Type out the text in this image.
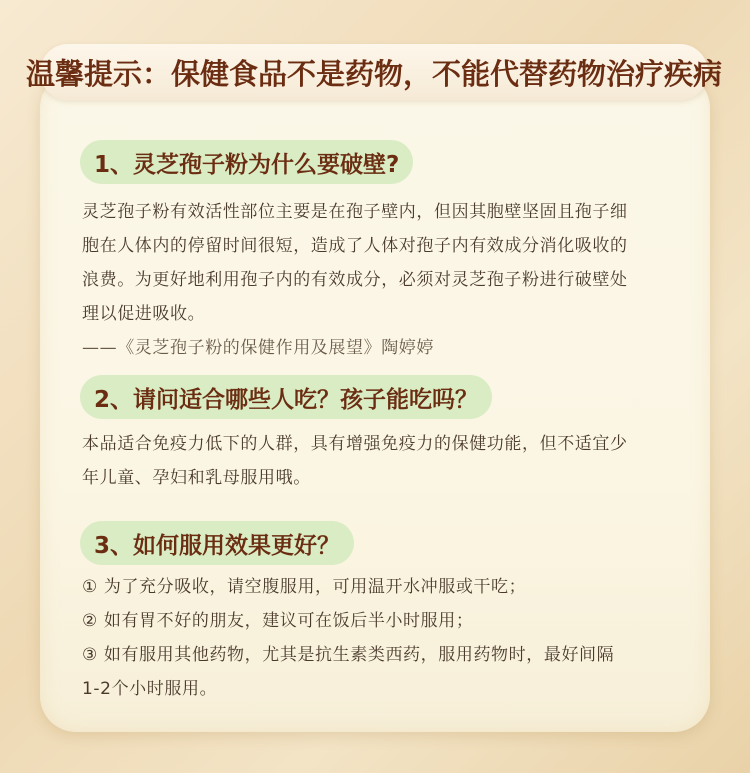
温馨提示：保健食品不是药物，不能代替药物治疗疾病
1、灵芝孢子粉为什么要破壁?
灵芝孢子粉有效活性部位主要是在孢子壁内，但因其胞壁坚固且孢子细
胞在人体内的停留时间很短，造成了人体对孢子内有效成分消化吸收的
浪费。为更好地利用孢子内的有效成分，必须对灵芝孢子粉进行破壁处
理以促进吸收。
——《灵芝孢子粉的保健作用及展望》陶婷婷
2、请问适合哪些人吃？孩子能吃吗？
本品适合免疫力低下的人群，具有增强免疫力的保健功能，但不适宜少
年儿童、孕妇和乳母服用哦。
3、如何服用效果更好？
① 为了充分吸收，请空腹服用，可用温开水冲服或干吃；
② 如有胃不好的朋友，建议可在饭后半小时服用；
③ 如有服用其他药物，尤其是抗生素类西药，服用药物时，最好间隔
1-2个小时服用。
